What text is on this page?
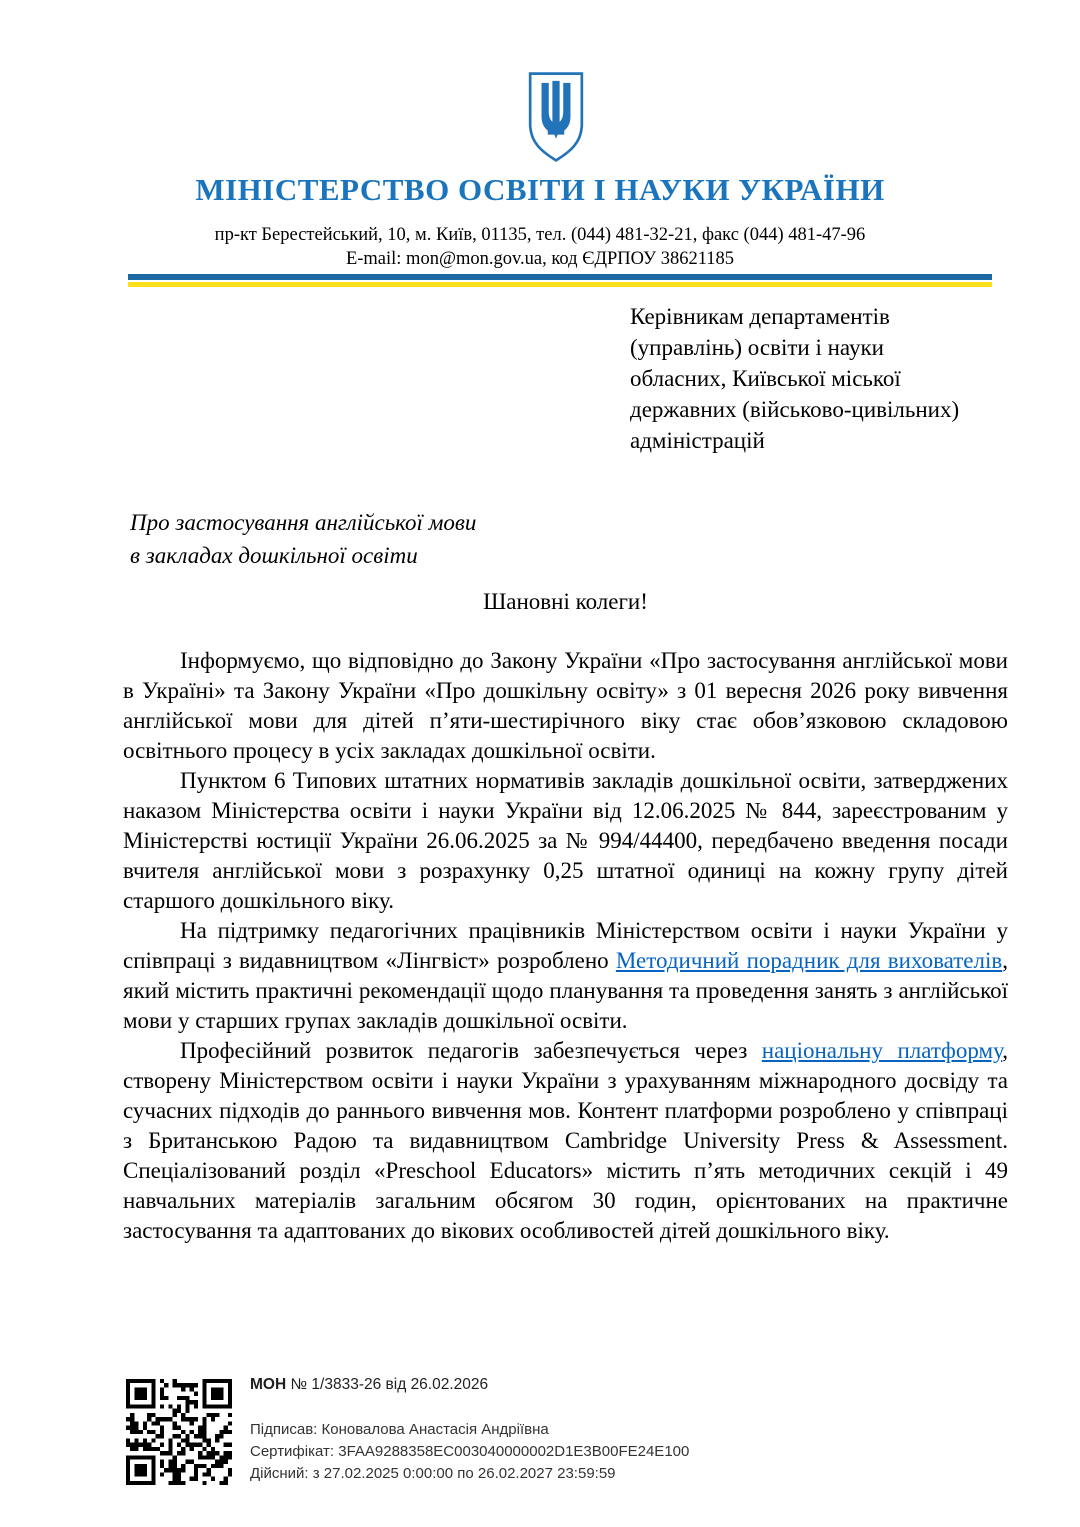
МІНІСТЕРСТВО ОСВІТИ І НАУКИ УКРАЇНИ
пр-кт Берестейський, 10, м. Київ, 01135, тел. (044) 481-32-21, факс (044) 481-47-96
E-mail: mon@mon.gov.ua, код ЄДРПОУ 38621185
Керівникам департаментів
(управлінь) освіти і науки
обласних, Київської міської
державних (військово-цивільних)
адміністрацій
Про застосування англійської мови
в закладах дошкільної освіти
Шановні колеги!

Інформуємо, що відповідно до Закону України «Про застосування англійської мови в Україні» та Закону України «Про дошкільну освіту» з 01 вересня 2026 року вивчення англійської мови для дітей п’яти-шестирічного віку стає обов’язковою складовою освітнього процесу в усіх закладах дошкільної освіти.

Пунктом 6 Типових штатних нормативів закладів дошкільної освіти, затверджених наказом Міністерства освіти і науки України від 12.06.2025 № 844, зареєстрованим у Міністерстві юстиції України 26.06.2025 за № 994/44400, передбачено введення посади вчителя англійської мови з розрахунку 0,25 штатної одиниці на кожну групу дітей старшого дошкільного віку.

На підтримку педагогічних працівників Міністерством освіти і науки України у співпраці з видавництвом «Лінгвіст» розроблено Методичний порадник для вихователів, який містить практичні рекомендації щодо планування та проведення занять з англійської мови у старших групах закладів дошкільної освіти.

Професійний розвиток педагогів забезпечується через національну платформу, створену Міністерством освіти і науки України з урахуванням міжнародного досвіду та сучасних підходів до раннього вивчення мов. Контент платформи розроблено у співпраці з Британською Радою та видавництвом Cambridge University Press & Assessment. Спеціалізований розділ «Preschool Educators» містить п’ять методичних секцій і 49 навчальних матеріалів загальним обсягом 30 годин, орієнтованих на практичне застосування та адаптованих до вікових особливостей дітей дошкільного віку.

МОН № 1/3833-26 від 26.02.2026
Підписав: Коновалова Анастасія Андріївна
Сертифікат: 3FAA9288358EC003040000002D1E3B00FE24E100
Дійсний: з 27.02.2025 0:00:00 по 26.02.2027 23:59:59
